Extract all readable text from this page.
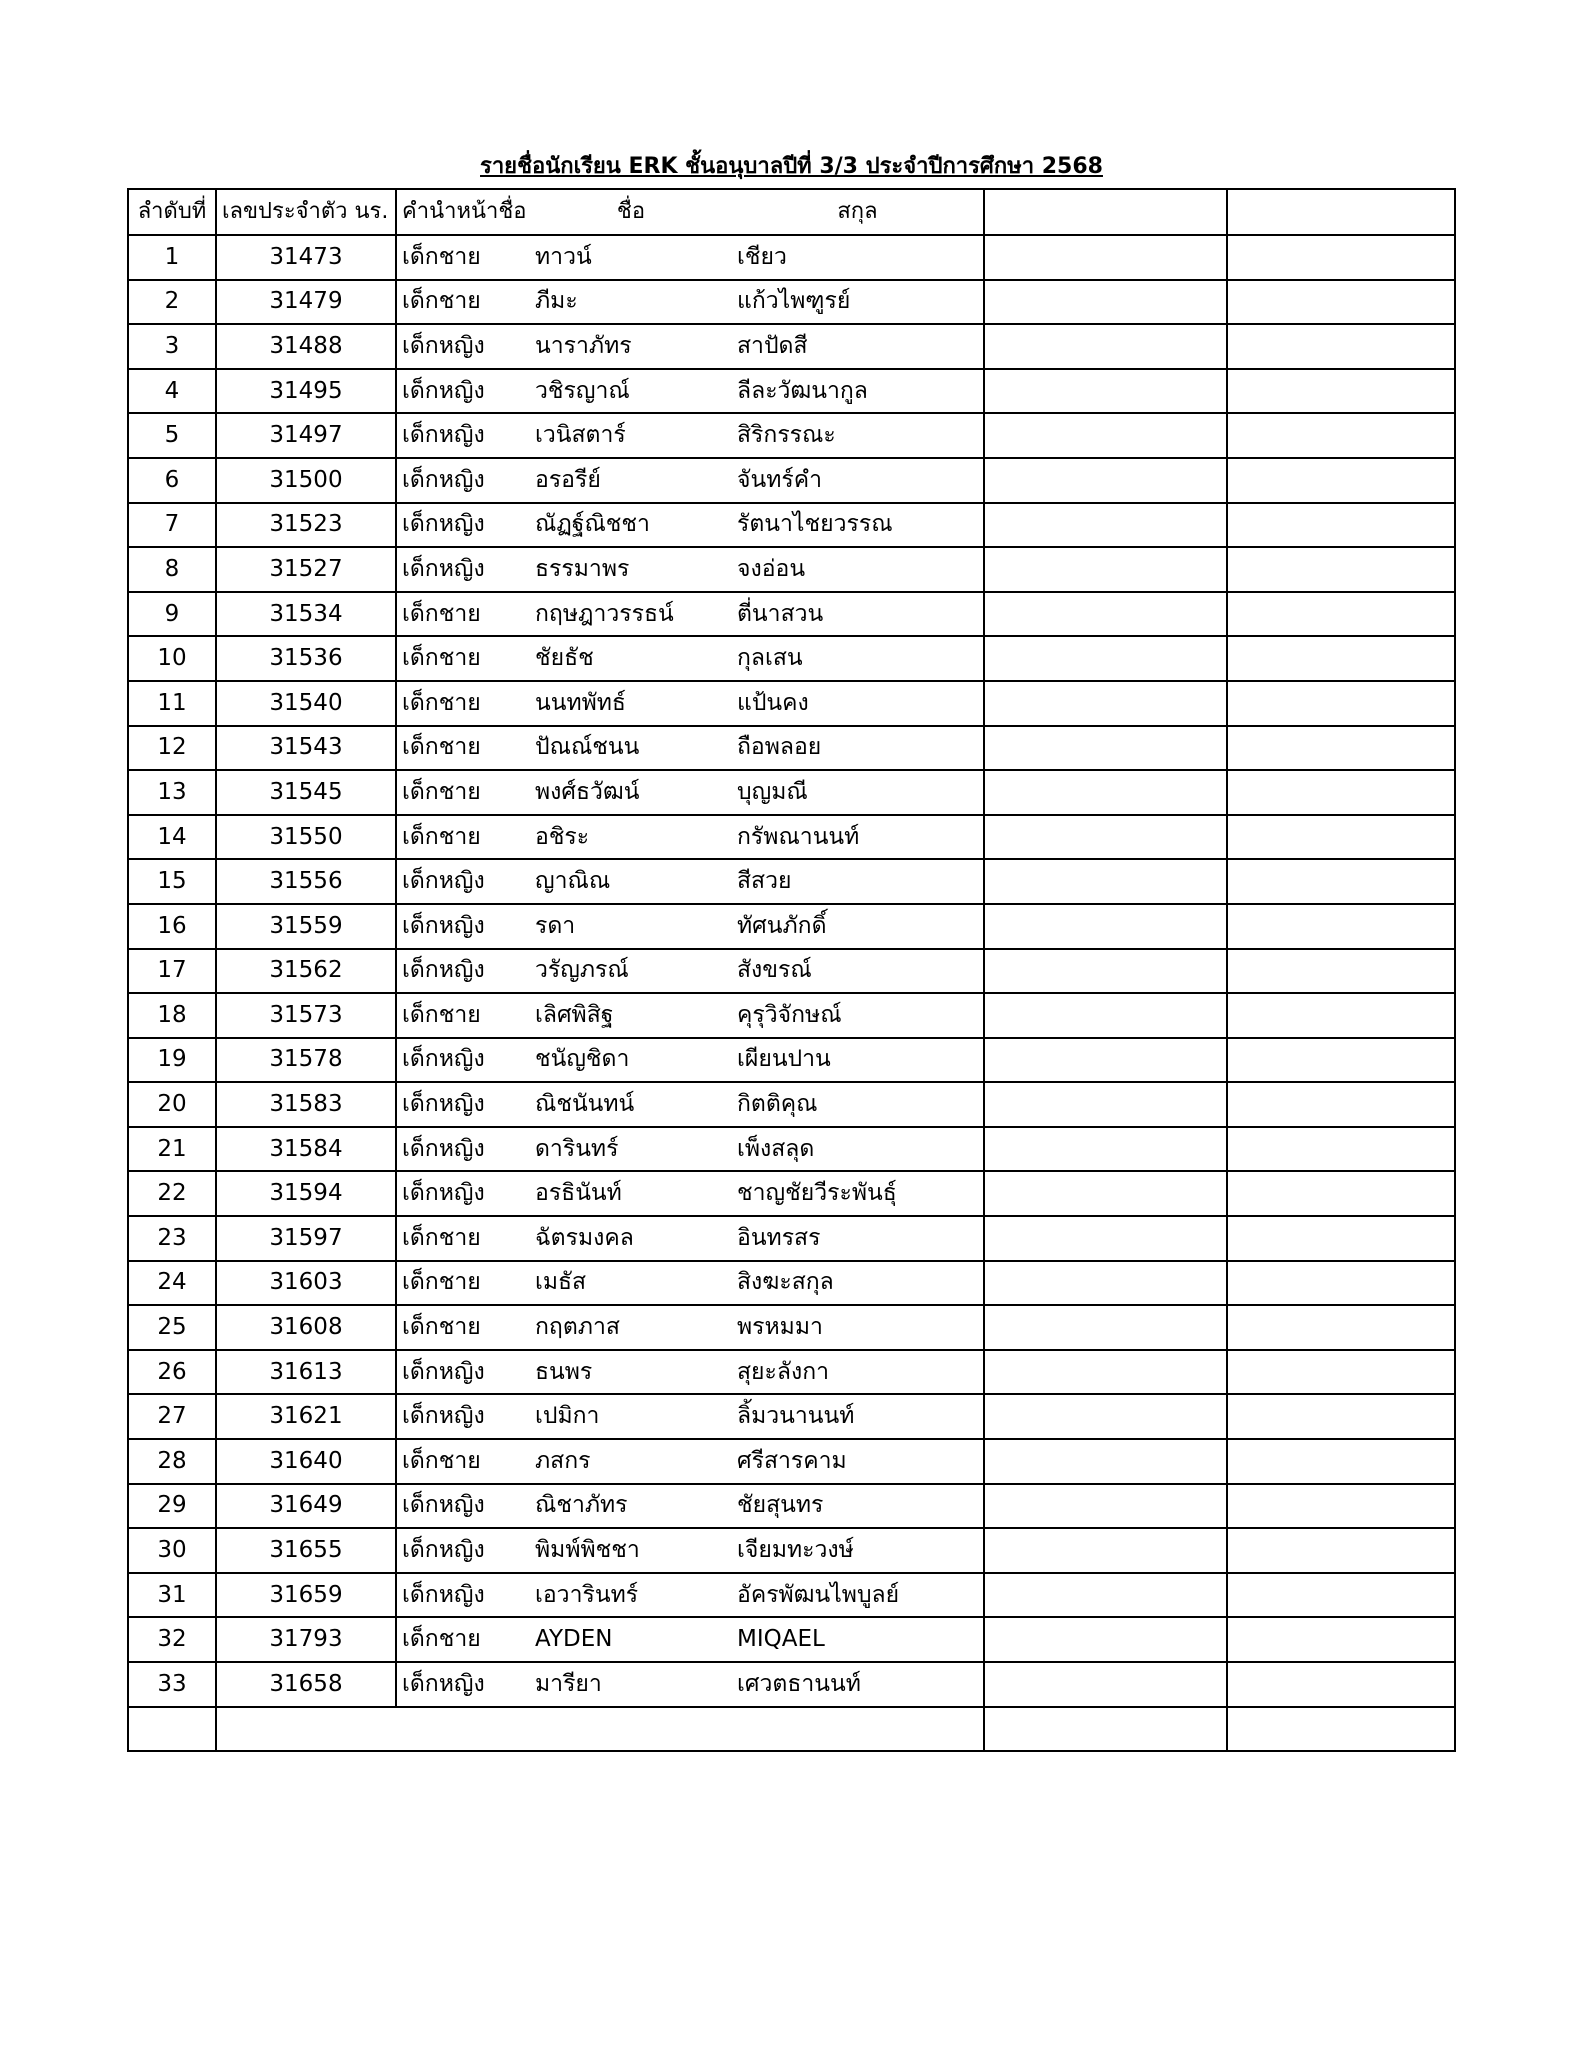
รายชื่อนักเรียน ERK ชั้นอนุบาลปีที่ 3/3 ประจำปีการศึกษา 2568
ลำดับที่	เลขประจำตัว นร.	คำนำหน้าชื่อ	ชื่อ	สกุล		
1	31473	เด็กชาย	ทาวน์	เชียว		
2	31479	เด็กชาย	ภีมะ	แก้วไพฑูรย์		
3	31488	เด็กหญิง	นาราภัทร	สาปัดสี		
4	31495	เด็กหญิง	วชิรญาณ์	ลีละวัฒนากูล		
5	31497	เด็กหญิง	เวนิสตาร์	สิริกรรณะ		
6	31500	เด็กหญิง	อรอรีย์	จันทร์คำ		
7	31523	เด็กหญิง	ณัฏฐ์ณิชชา	รัตนาไชยวรรณ		
8	31527	เด็กหญิง	ธรรมาพร	จงอ่อน		
9	31534	เด็กชาย	กฤษฎาวรรธน์	ตี่นาสวน		
10	31536	เด็กชาย	ชัยธัช	กุลเสน		
11	31540	เด็กชาย	นนทพัทธ์	แป้นคง		
12	31543	เด็กชาย	ปัณณ์ชนน	ถือพลอย		
13	31545	เด็กชาย	พงศ์ธวัฒน์	บุญมณี		
14	31550	เด็กชาย	อชิระ	กรัพณานนท์		
15	31556	เด็กหญิง	ญาณิณ	สีสวย		
16	31559	เด็กหญิง	รดา	ทัศนภักดิ์		
17	31562	เด็กหญิง	วรัญภรณ์	สังขรณ์		
18	31573	เด็กชาย	เลิศพิสิฐ	คุรุวิจักษณ์		
19	31578	เด็กหญิง	ชนัญชิดา	เผียนปาน		
20	31583	เด็กหญิง	ณิชนันทน์	กิตติคุณ		
21	31584	เด็กหญิง	ดารินทร์	เพ็งสลุด		
22	31594	เด็กหญิง	อรธินันท์	ชาญชัยวีระพันธุ์		
23	31597	เด็กชาย	ฉัตรมงคล	อินทรสร		
24	31603	เด็กชาย	เมธัส	สิงฆะสกุล		
25	31608	เด็กชาย	กฤตภาส	พรหมมา		
26	31613	เด็กหญิง	ธนพร	สุยะลังกา		
27	31621	เด็กหญิง	เปมิกา	ลิ้มวนานนท์		
28	31640	เด็กชาย	ภสกร	ศรีสารคาม		
29	31649	เด็กหญิง	ณิชาภัทร	ชัยสุนทร		
30	31655	เด็กหญิง	พิมพ์พิชชา	เจียมทะวงษ์		
31	31659	เด็กหญิง	เอวารินทร์	อัครพัฒนไพบูลย์		
32	31793	เด็กชาย	AYDEN	MIQAEL		
33	31658	เด็กหญิง	มารียา	เศวตธานนท์		
